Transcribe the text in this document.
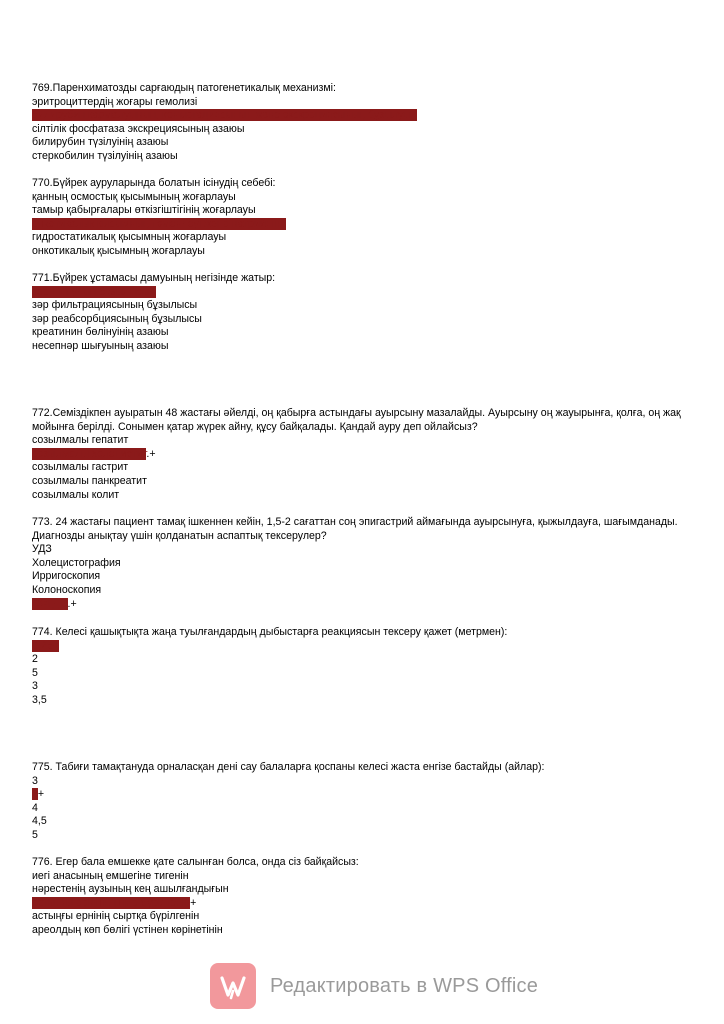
769.Паренхиматозды сарғаюдың патогенетикалық механизмі:
эритроциттердің жоғары гемолизі
билирубин қармалуының, конъюгациясының және экскрециясының бұзылуы+
сілтілік фосфатаза экскрециясының азаюы
билирубин түзілуінің азаюы
стеркобилин түзілуінің азаюы
770.Бүйрек ауруларында болатын ісінудің себебі:
қанның осмостық қысымының жоғарлауы
тамыр қабырғалары өткізгіштігінің жоғарлауы
онкотикалық қысымның төмендеуі және натрийдің+
гидростатикалық қысымның жоғарлауы
онкотикалық қысымның жоғарлауы
771.Бүйрек ұстамасы дамуының негізінде жатыр:
зәр шығудың бұзылысы+
зәр фильтрациясының бұзылысы
зәр реабсорбциясының бұзылысы
креатинин бөлінуінің азаюы
несепнәр шығуының азаюы
772.Семіздікпен ауыратын 48 жастағы әйелді, оң қабырға астындағы ауырсыну мазалайды. Ауырсыну оң жауырынға, қолға, оң жақ мойынға берілді. Сонымен қатар жүрек айну, құсу байқалады. Қандай ауру деп ойлайсыз?
созылмалы гепатит
созылмалы холецистит.+
созылмалы гастрит
созылмалы панкреатит
созылмалы колит
773. 24 жастағы пациент тамақ ішкеннен кейін, 1,5-2 сағаттан соң эпигастрий аймағында ауырсынуға, қыжылдауға, шағымданады. Диагнозды анықтау үшін қолданатын аспаптық тексерулер?
УДЗ
Холецистография
Ирригоскопия
Колоноскопия
ЭФГДС.+
774. Келесі қашықтықта жаңа туылғандардың дыбыстарға реакциясын тексеру қажет (метрмен):
0,25+
2
5
3
3,5
775. Табиғи тамақтануда орналасқан дені сау балаларға қоспаны келесі жаста енгізе бастайды (айлар):
3
6+
4
4,5
5
776. Егер бала емшекке қате салынған болса, онда сіз байқайсыз:
иегі анасының емшегіне тигенін
нәрестенің аузының кең ашылғандығын
астыңғы ернінің ішіне бүрілгенін+
астыңғы ернінің сыртқа бүрілгенін
ареолдың көп бөлігі үстінен көрінетінін
Редактировать в WPS Office
